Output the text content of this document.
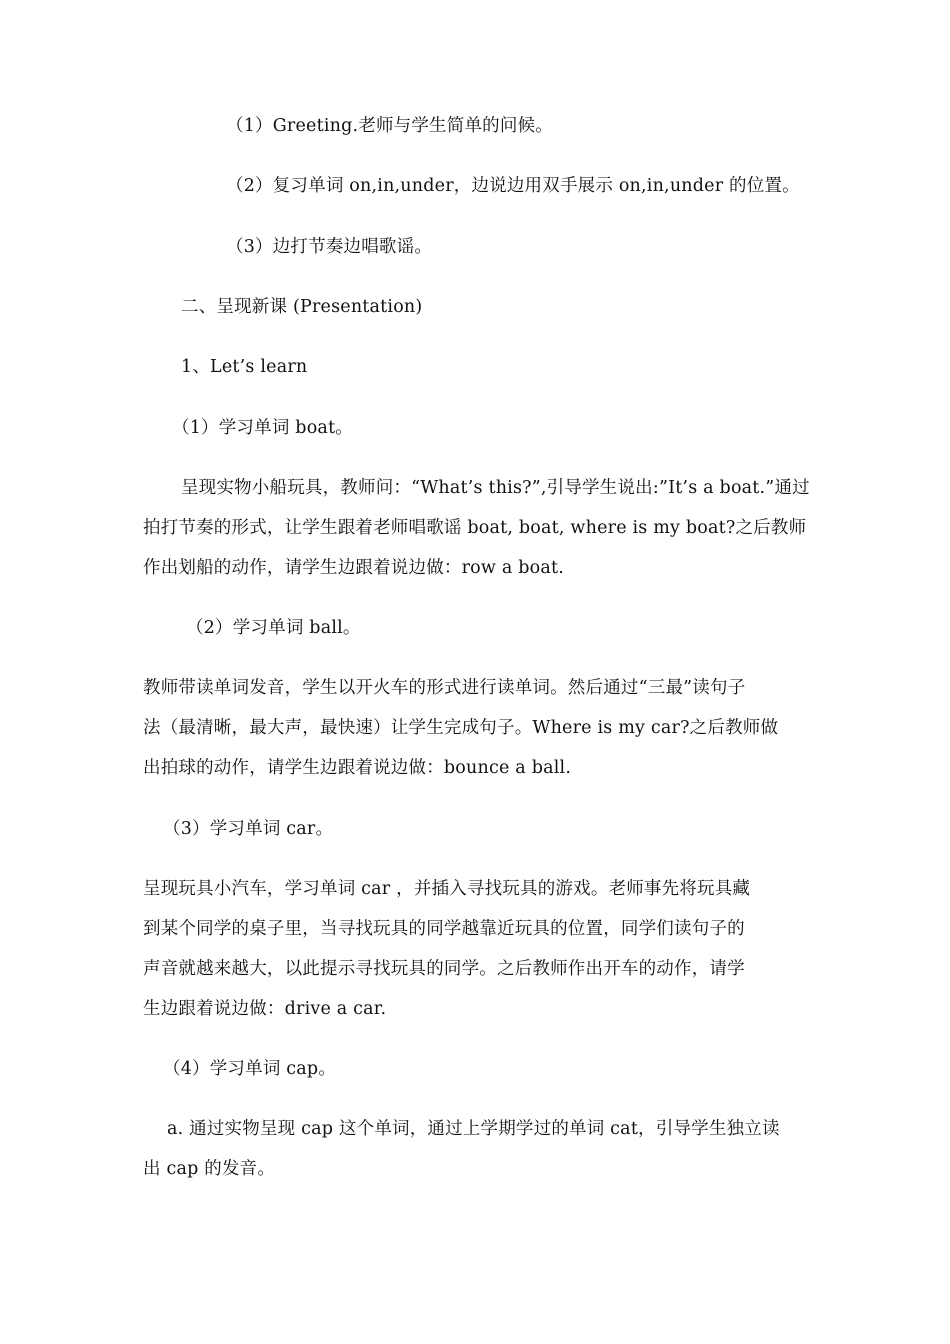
（1）Greeting.老师与学生简单的问候。
（2）复习单词 on,in,under，边说边用双手展示 on,in,under 的位置。
（3）边打节奏边唱歌谣。
二、呈现新课 (Presentation)
1、Let’s learn
（1）学习单词 boat。
呈现实物小船玩具，教师问：“What’s this?”,引导学生说出:”It’s a boat.”通过
拍打节奏的形式，让学生跟着老师唱歌谣 boat, boat, where is my boat?之后教师
作出划船的动作，请学生边跟着说边做：row a boat.
（2）学习单词 ball。
教师带读单词发音，学生以开火车的形式进行读单词。然后通过“三最”读句子
法（最清晰，最大声，最快速）让学生完成句子。Where is my car?之后教师做
出拍球的动作，请学生边跟着说边做：bounce a ball.
（3）学习单词 car。
呈现玩具小汽车，学习单词 car ，并插入寻找玩具的游戏。老师事先将玩具藏
到某个同学的桌子里，当寻找玩具的同学越靠近玩具的位置，同学们读句子的
声音就越来越大，以此提示寻找玩具的同学。之后教师作出开车的动作，请学
生边跟着说边做：drive a car.
（4）学习单词 cap。
a. 通过实物呈现 cap 这个单词，通过上学期学过的单词 cat，引导学生独立读
出 cap 的发音。
